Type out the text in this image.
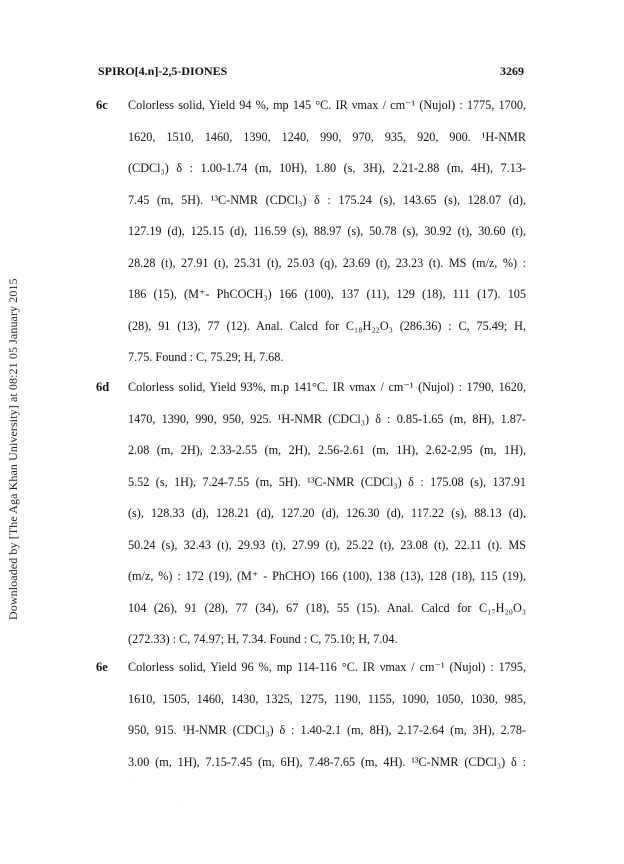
SPIRO[4.n]-2,5-DIONES	3269
Downloaded by [The Aga Khan University] at 08:21 05 January 2015
6c Colorless solid, Yield 94 %, mp 145 °C. IR νmax / cm⁻¹ (Nujol) : 1775, 1700,
1620, 1510, 1460, 1390, 1240, 990, 970, 935, 920, 900. ¹H-NMR
(CDCl₃) δ : 1.00-1.74 (m, 10H), 1.80 (s, 3H), 2.21-2.88 (m, 4H), 7.13-
7.45 (m, 5H). ¹³C-NMR (CDCl₃) δ : 175.24 (s), 143.65 (s), 128.07 (d),
127.19 (d), 125.15 (d), 116.59 (s), 88.97 (s), 50.78 (s), 30.92 (t), 30.60 (t),
28.28 (t), 27.91 (t), 25.31 (t), 25.03 (q), 23.69 (t), 23.23 (t). MS (m/z, %) :
186 (15), (M⁺- PhCOCH₃) 166 (100), 137 (11), 129 (18), 111 (17). 105
(28), 91 (13), 77 (12). Anal. Calcd for C₁₈H₂₂O₃ (286.36) : C, 75.49; H,
7.75. Found : C, 75.29; H, 7.68.
6d Colorless solid, Yield 93%, m.p 141°C. IR νmax / cm⁻¹ (Nujol) : 1790, 1620,
1470, 1390, 990, 950, 925. ¹H-NMR (CDCl₃) δ : 0.85-1.65 (m, 8H), 1.87-
2.08 (m, 2H), 2.33-2.55 (m, 2H), 2.56-2.61 (m, 1H), 2.62-2.95 (m, 1H),
5.52 (s, 1H), 7.24-7.55 (m, 5H). ¹³C-NMR (CDCl₃) δ : 175.08 (s), 137.91
(s), 128.33 (d), 128.21 (d), 127.20 (d), 126.30 (d), 117.22 (s), 88.13 (d),
50.24 (s), 32.43 (t), 29.93 (t), 27.99 (t), 25.22 (t), 23.08 (t), 22.11 (t). MS
(m/z, %) : 172 (19), (M⁺ - PhCHO) 166 (100), 138 (13), 128 (18), 115 (19),
104 (26), 91 (28), 77 (34), 67 (18), 55 (15). Anal. Calcd for C₁₇H₂₀O₃
(272.33) : C, 74.97; H, 7.34. Found : C, 75.10; H, 7.04.
6e Colorless solid, Yield 96 %, mp 114-116 °C. IR νmax / cm⁻¹ (Nujol) : 1795,
1610, 1505, 1460, 1430, 1325, 1275, 1190, 1155, 1090, 1050, 1030, 985,
950, 915. ¹H-NMR (CDCl₃) δ : 1.40-2.1 (m, 8H), 2.17-2.64 (m, 3H), 2.78-
3.00 (m, 1H), 7.15-7.45 (m, 6H), 7.48-7.65 (m, 4H). ¹³C-NMR (CDCl₃) δ :
·
·
